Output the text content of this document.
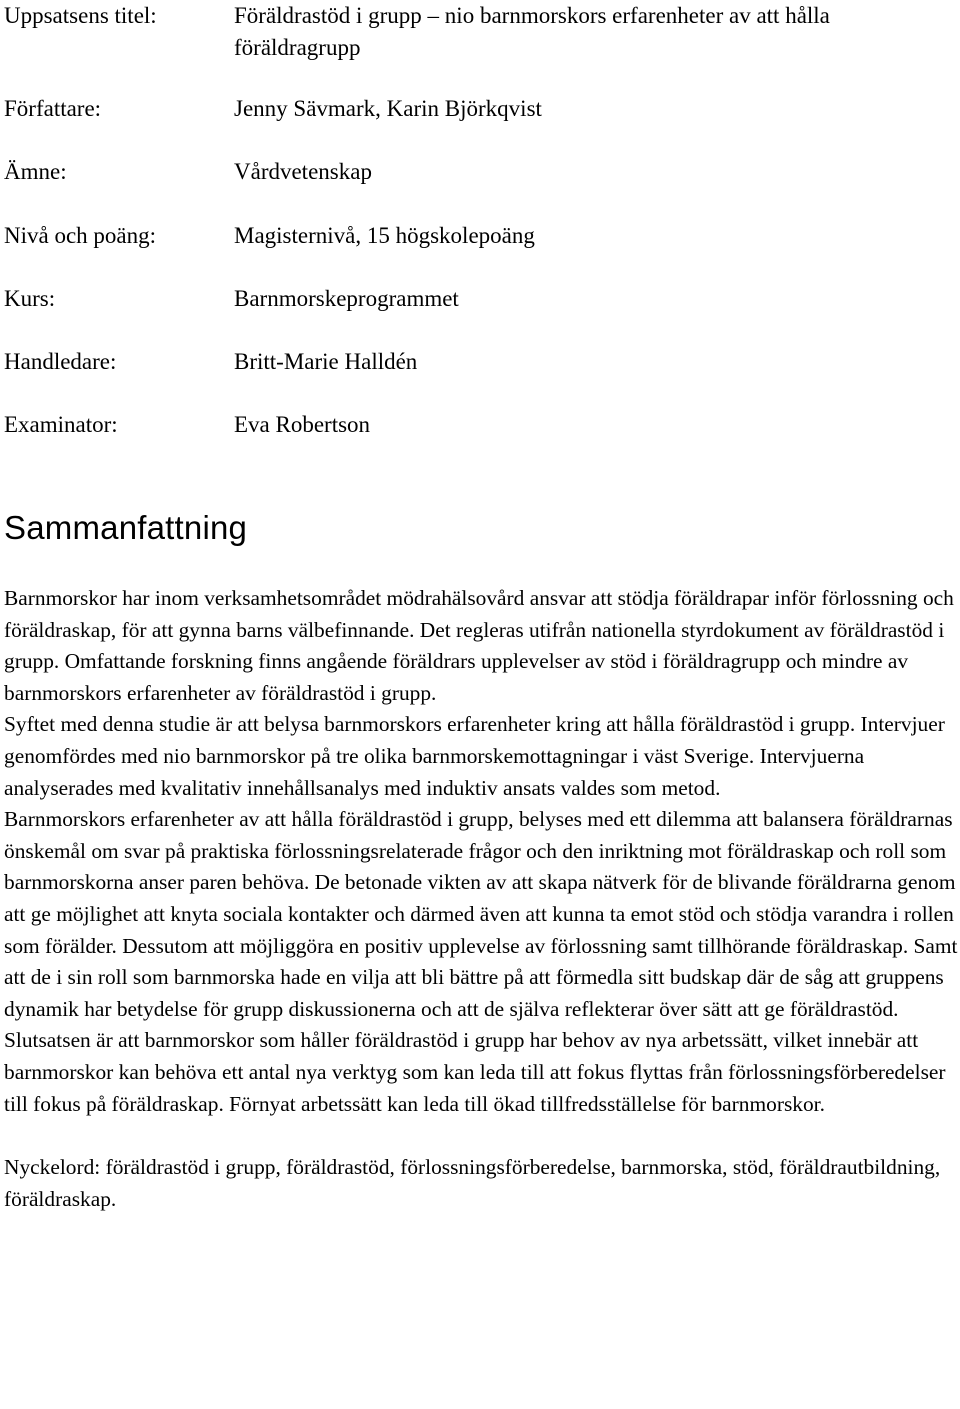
Uppsatsens titel:	Föräldrastöd i grupp – nio barnmorskors erfarenheter av att hålla föräldragrupp
Författare:	Jenny Sävmark, Karin Björkqvist
Ämne:	Vårdvetenskap
Nivå och poäng:	Magisternivå, 15 högskolepoäng
Kurs:	Barnmorskeprogrammet
Handledare:	Britt-Marie Halldén
Examinator:	Eva Robertson
Sammanfattning

Barnmorskor har inom verksamhetsområdet mödrahälsovård ansvar att stödja föräldrapar inför förlossning och föräldraskap, för att gynna barns välbefinnande. Det regleras utifrån nationella styrdokument av föräldrastöd i grupp. Omfattande forskning finns angående föräldrars upplevelser av stöd i föräldragrupp och mindre av barnmorskors erfarenheter av föräldrastöd i grupp.

Syftet med denna studie är att belysa barnmorskors erfarenheter kring att hålla föräldrastöd i grupp. Intervjuer genomfördes med nio barnmorskor på tre olika barnmorskemottagningar i väst Sverige. Intervjuerna analyserades med kvalitativ innehållsanalys med induktiv ansats valdes som metod.

Barnmorskors erfarenheter av att hålla föräldrastöd i grupp, belyses med ett dilemma att balansera föräldrarnas önskemål om svar på praktiska förlossningsrelaterade frågor och den inriktning mot föräldraskap och roll som barnmorskorna anser paren behöva. De betonade vikten av att skapa nätverk för de blivande föräldrarna genom att ge möjlighet att knyta sociala kontakter och därmed även att kunna ta emot stöd och stödja varandra i rollen som förälder. Dessutom att möjliggöra en positiv upplevelse av förlossning samt tillhörande föräldraskap. Samt att de i sin roll som barnmorska hade en vilja att bli bättre på att förmedla sitt budskap där de såg att gruppens dynamik har betydelse för grupp diskussionerna och att de själva reflekterar över sätt att ge föräldrastöd.

Slutsatsen är att barnmorskor som håller föräldrastöd i grupp har behov av nya arbetssätt, vilket innebär att barnmorskor kan behöva ett antal nya verktyg som kan leda till att fokus flyttas från förlossningsförberedelser till fokus på föräldraskap. Förnyat arbetssätt kan leda till ökad tillfredsställelse för barnmorskor.

Nyckelord: föräldrastöd i grupp, föräldrastöd, förlossningsförberedelse, barnmorska, stöd, föräldrautbildning, föräldraskap.
